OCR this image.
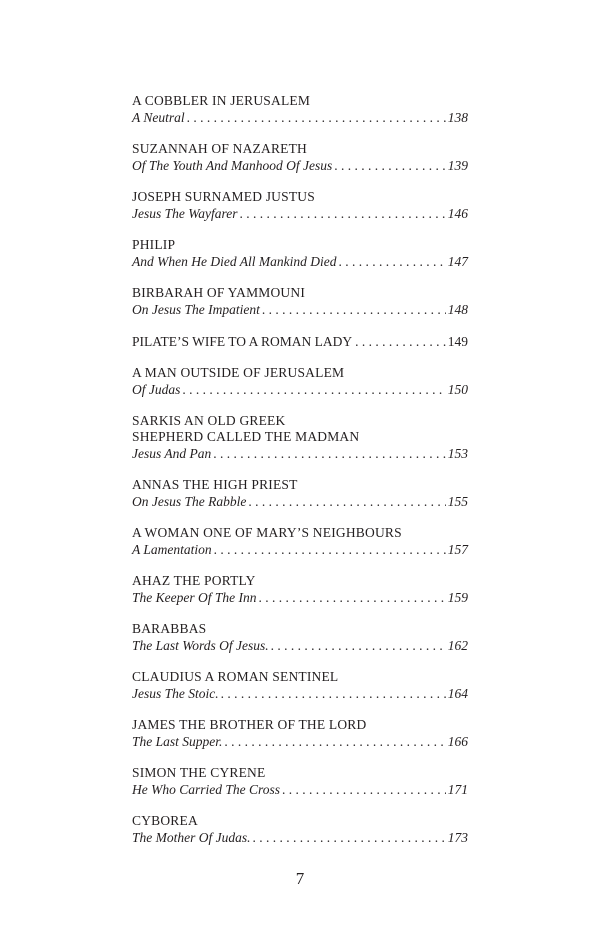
A COBBLER IN JERUSALEM
A Neutral . . .	138
SUZANNAH OF NAZARETH
Of The Youth And Manhood Of Jesus . . .	139
JOSEPH SURNAMED JUSTUS
Jesus The Wayfarer . . .	146
PHILIP
And When He Died All Mankind Died . . .	147
BIRBARAH OF YAMMOUNI
On Jesus The Impatient . . .	148
PILATE’S WIFE TO A ROMAN LADY . . .	149
A MAN OUTSIDE OF JERUSALEM
Of Judas . . .	150
SARKIS AN OLD GREEK
SHEPHERD CALLED THE MADMAN
Jesus And Pan . . .	153
ANNAS THE HIGH PRIEST
On Jesus The Rabble . . .	155
A WOMAN ONE OF MARY’S NEIGHBOURS
A Lamentation . . .	157
AHAZ THE PORTLY
The Keeper Of The Inn . . .	159
BARABBAS
The Last Words Of Jesus. . . .	162
CLAUDIUS A ROMAN SENTINEL
Jesus The Stoic. . . .	164
JAMES THE BROTHER OF THE LORD
The Last Supper. . . .	166
SIMON THE CYRENE
He Who Carried The Cross . . .	171
CYBOREA
The Mother Of Judas. . . .	173
7
